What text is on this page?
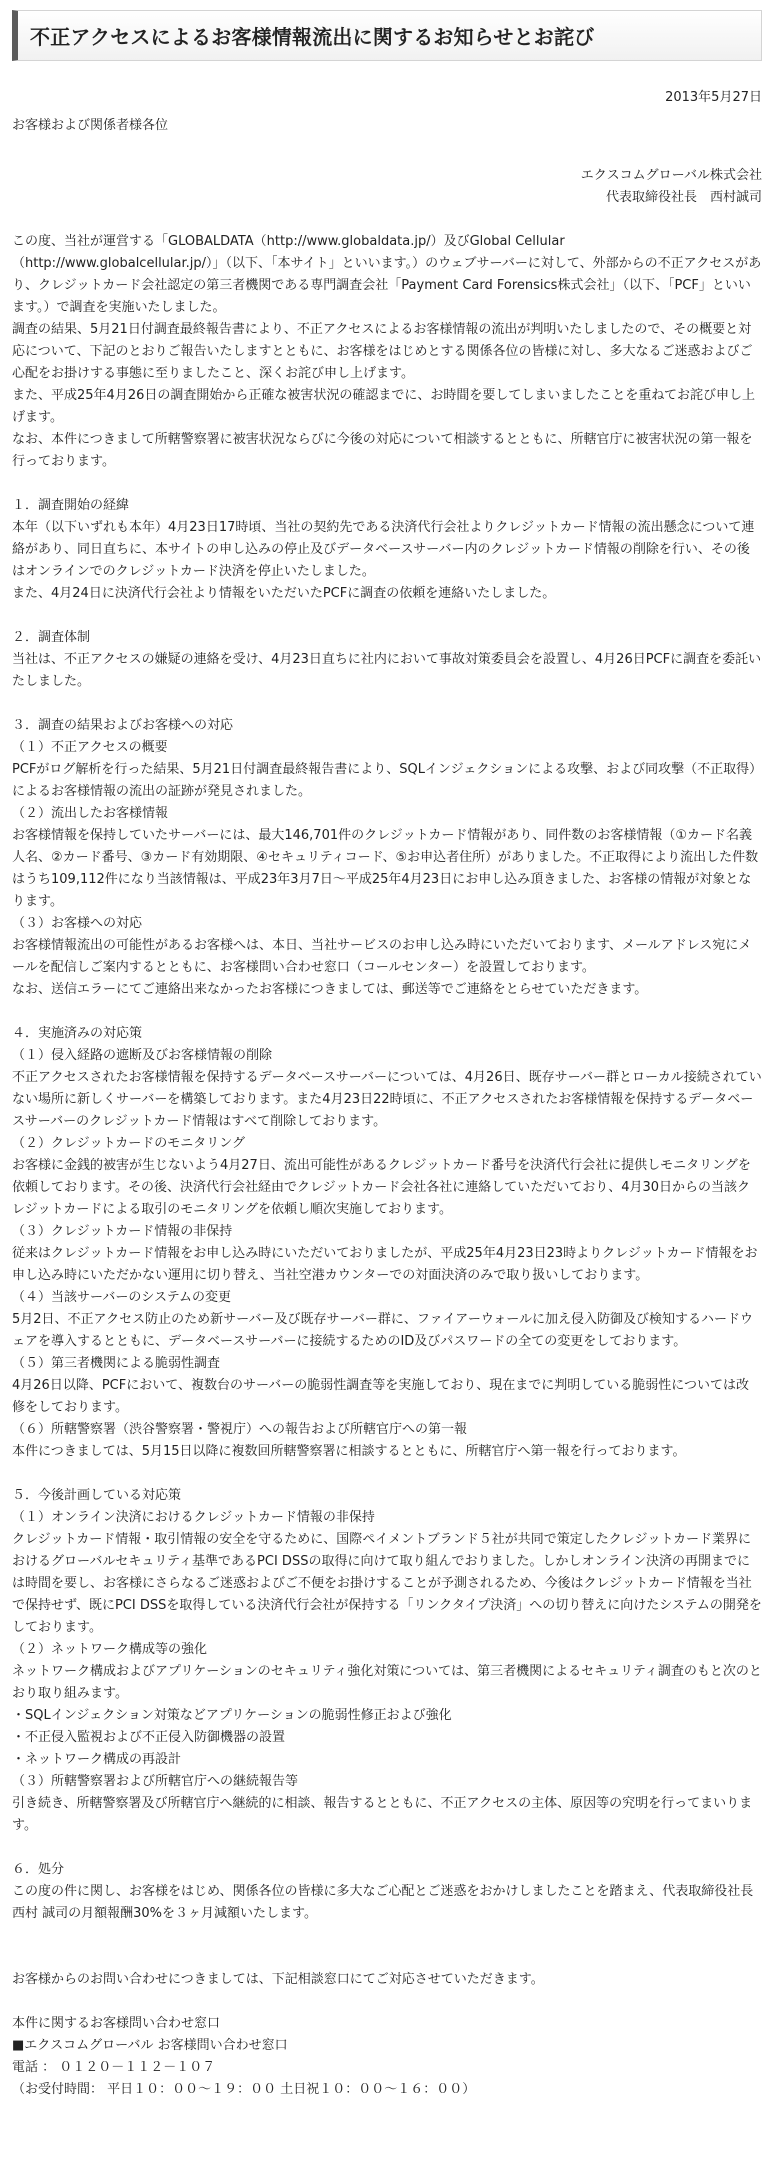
不正アクセスによるお客様情報流出に関するお知らせとお詫び
2013年5月27日
お客様および関係者様各位
エクスコムグローバル株式会社
代表取締役社長　西村誠司

この度、当社が運営する「GLOBALDATA（http://www.globaldata.jp/）及びGlobal Cellular（http://www.globalcellular.jp/）」（以下、「本サイト」といいます。）のウェブサーバーに対して、外部からの不正アクセスがあり、クレジットカード会社認定の第三者機関である専門調査会社「Payment Card Forensics株式会社」（以下、「PCF」といいます。）で調査を実施いたしました。

調査の結果、5月21日付調査最終報告書により、不正アクセスによるお客様情報の流出が判明いたしましたので、その概要と対応について、下記のとおりご報告いたしますとともに、お客様をはじめとする関係各位の皆様に対し、多大なるご迷惑およびご心配をお掛けする事態に至りましたこと、深くお詫び申し上げます。

また、平成25年4月26日の調査開始から正確な被害状況の確認までに、お時間を要してしまいましたことを重ねてお詫び申し上げます。

なお、本件につきまして所轄警察署に被害状況ならびに今後の対応について相談するとともに、所轄官庁に被害状況の第一報を行っております。

１．調査開始の経緯

本年（以下いずれも本年）4月23日17時頃、当社の契約先である決済代行会社よりクレジットカード情報の流出懸念について連絡があり、同日直ちに、本サイトの申し込みの停止及びデータベースサーバー内のクレジットカード情報の削除を行い、その後はオンラインでのクレジットカード決済を停止いたしました。

また、4月24日に決済代行会社より情報をいただいたPCFに調査の依頼を連絡いたしました。

２．調査体制

当社は、不正アクセスの嫌疑の連絡を受け、4月23日直ちに社内において事故対策委員会を設置し、4月26日PCFに調査を委託いたしました。

３．調査の結果およびお客様への対応

（１）不正アクセスの概要

PCFがログ解析を行った結果、5月21日付調査最終報告書により、SQLインジェクションによる攻撃、および同攻撃（不正取得）によるお客様情報の流出の証跡が発見されました。

（２）流出したお客様情報

お客様情報を保持していたサーバーには、最大146,701件のクレジットカード情報があり、同件数のお客様情報（①カード名義人名、②カード番号、③カード有効期限、④セキュリティコード、⑤お申込者住所）がありました。不正取得により流出した件数はうち109,112件になり当該情報は、平成23年3月7日～平成25年4月23日にお申し込み頂きました、お客様の情報が対象となります。

（３）お客様への対応

お客様情報流出の可能性があるお客様へは、本日、当社サービスのお申し込み時にいただいております、メールアドレス宛にメールを配信しご案内するとともに、お客様問い合わせ窓口（コールセンター）を設置しております。

なお、送信エラーにてご連絡出来なかったお客様につきましては、郵送等でご連絡をとらせていただきます。

４．実施済みの対応策

（１）侵入経路の遮断及びお客様情報の削除

不正アクセスされたお客様情報を保持するデータベースサーバーについては、4月26日、既存サーバー群とローカル接続されていない場所に新しくサーバーを構築しております。また4月23日22時頃に、不正アクセスされたお客様情報を保持するデータベースサーバーのクレジットカード情報はすべて削除しております。

（２）クレジットカードのモニタリング

お客様に金銭的被害が生じないよう4月27日、流出可能性があるクレジットカード番号を決済代行会社に提供しモニタリングを依頼しております。その後、決済代行会社経由でクレジットカード会社各社に連絡していただいており、4月30日からの当該クレジットカードによる取引のモニタリングを依頼し順次実施しております。

（３）クレジットカード情報の非保持

従来はクレジットカード情報をお申し込み時にいただいておりましたが、平成25年4月23日23時よりクレジットカード情報をお申し込み時にいただかない運用に切り替え、当社空港カウンターでの対面決済のみで取り扱いしております。

（４）当該サーバーのシステムの変更

5月2日、不正アクセス防止のため新サーバー及び既存サーバー群に、ファイアーウォールに加え侵入防御及び検知するハードウェアを導入するとともに、データベースサーバーに接続するためのID及びパスワードの全ての変更をしております。

（５）第三者機関による脆弱性調査

4月26日以降、PCFにおいて、複数台のサーバーの脆弱性調査等を実施しており、現在までに判明している脆弱性については改修をしております。

（６）所轄警察署（渋谷警察署・警視庁）への報告および所轄官庁への第一報

本件につきましては、5月15日以降に複数回所轄警察署に相談するとともに、所轄官庁へ第一報を行っております。

５．今後計画している対応策

（１）オンライン決済におけるクレジットカード情報の非保持

クレジットカード情報・取引情報の安全を守るために、国際ペイメントブランド５社が共同で策定したクレジットカード業界におけるグローバルセキュリティ基準であるPCI DSSの取得に向けて取り組んでおりました。しかしオンライン決済の再開までには時間を要し、お客様にさらなるご迷惑およびご不便をお掛けすることが予測されるため、今後はクレジットカード情報を当社で保持せず、既にPCI DSSを取得している決済代行会社が保持する「リンクタイプ決済」への切り替えに向けたシステムの開発をしております。

（２）ネットワーク構成等の強化

ネットワーク構成およびアプリケーションのセキュリティ強化対策については、第三者機関によるセキュリティ調査のもと次のとおり取り組みます。

・SQLインジェクション対策などアプリケーションの脆弱性修正および強化
・不正侵入監視および不正侵入防御機器の設置
・ネットワーク構成の再設計

（３）所轄警察署および所轄官庁への継続報告等

引き続き、所轄警察署及び所轄官庁へ継続的に相談、報告するとともに、不正アクセスの主体、原因等の究明を行ってまいります。

６．処分

この度の件に関し、お客様をはじめ、関係各位の皆様に多大なご心配とご迷惑をおかけしましたことを踏まえ、代表取締役社長 西村 誠司の月額報酬30%を３ヶ月減額いたします。

お客様からのお問い合わせにつきましては、下記相談窓口にてご対応させていただきます。

本件に関するお客様問い合わせ窓口
■エクスコムグローバル お客様問い合わせ窓口
電話 ： ０１２０－１１２－１０７
（お受付時間： 平日１０：００～１９：００ 土日祝１０：００～１６：００）
